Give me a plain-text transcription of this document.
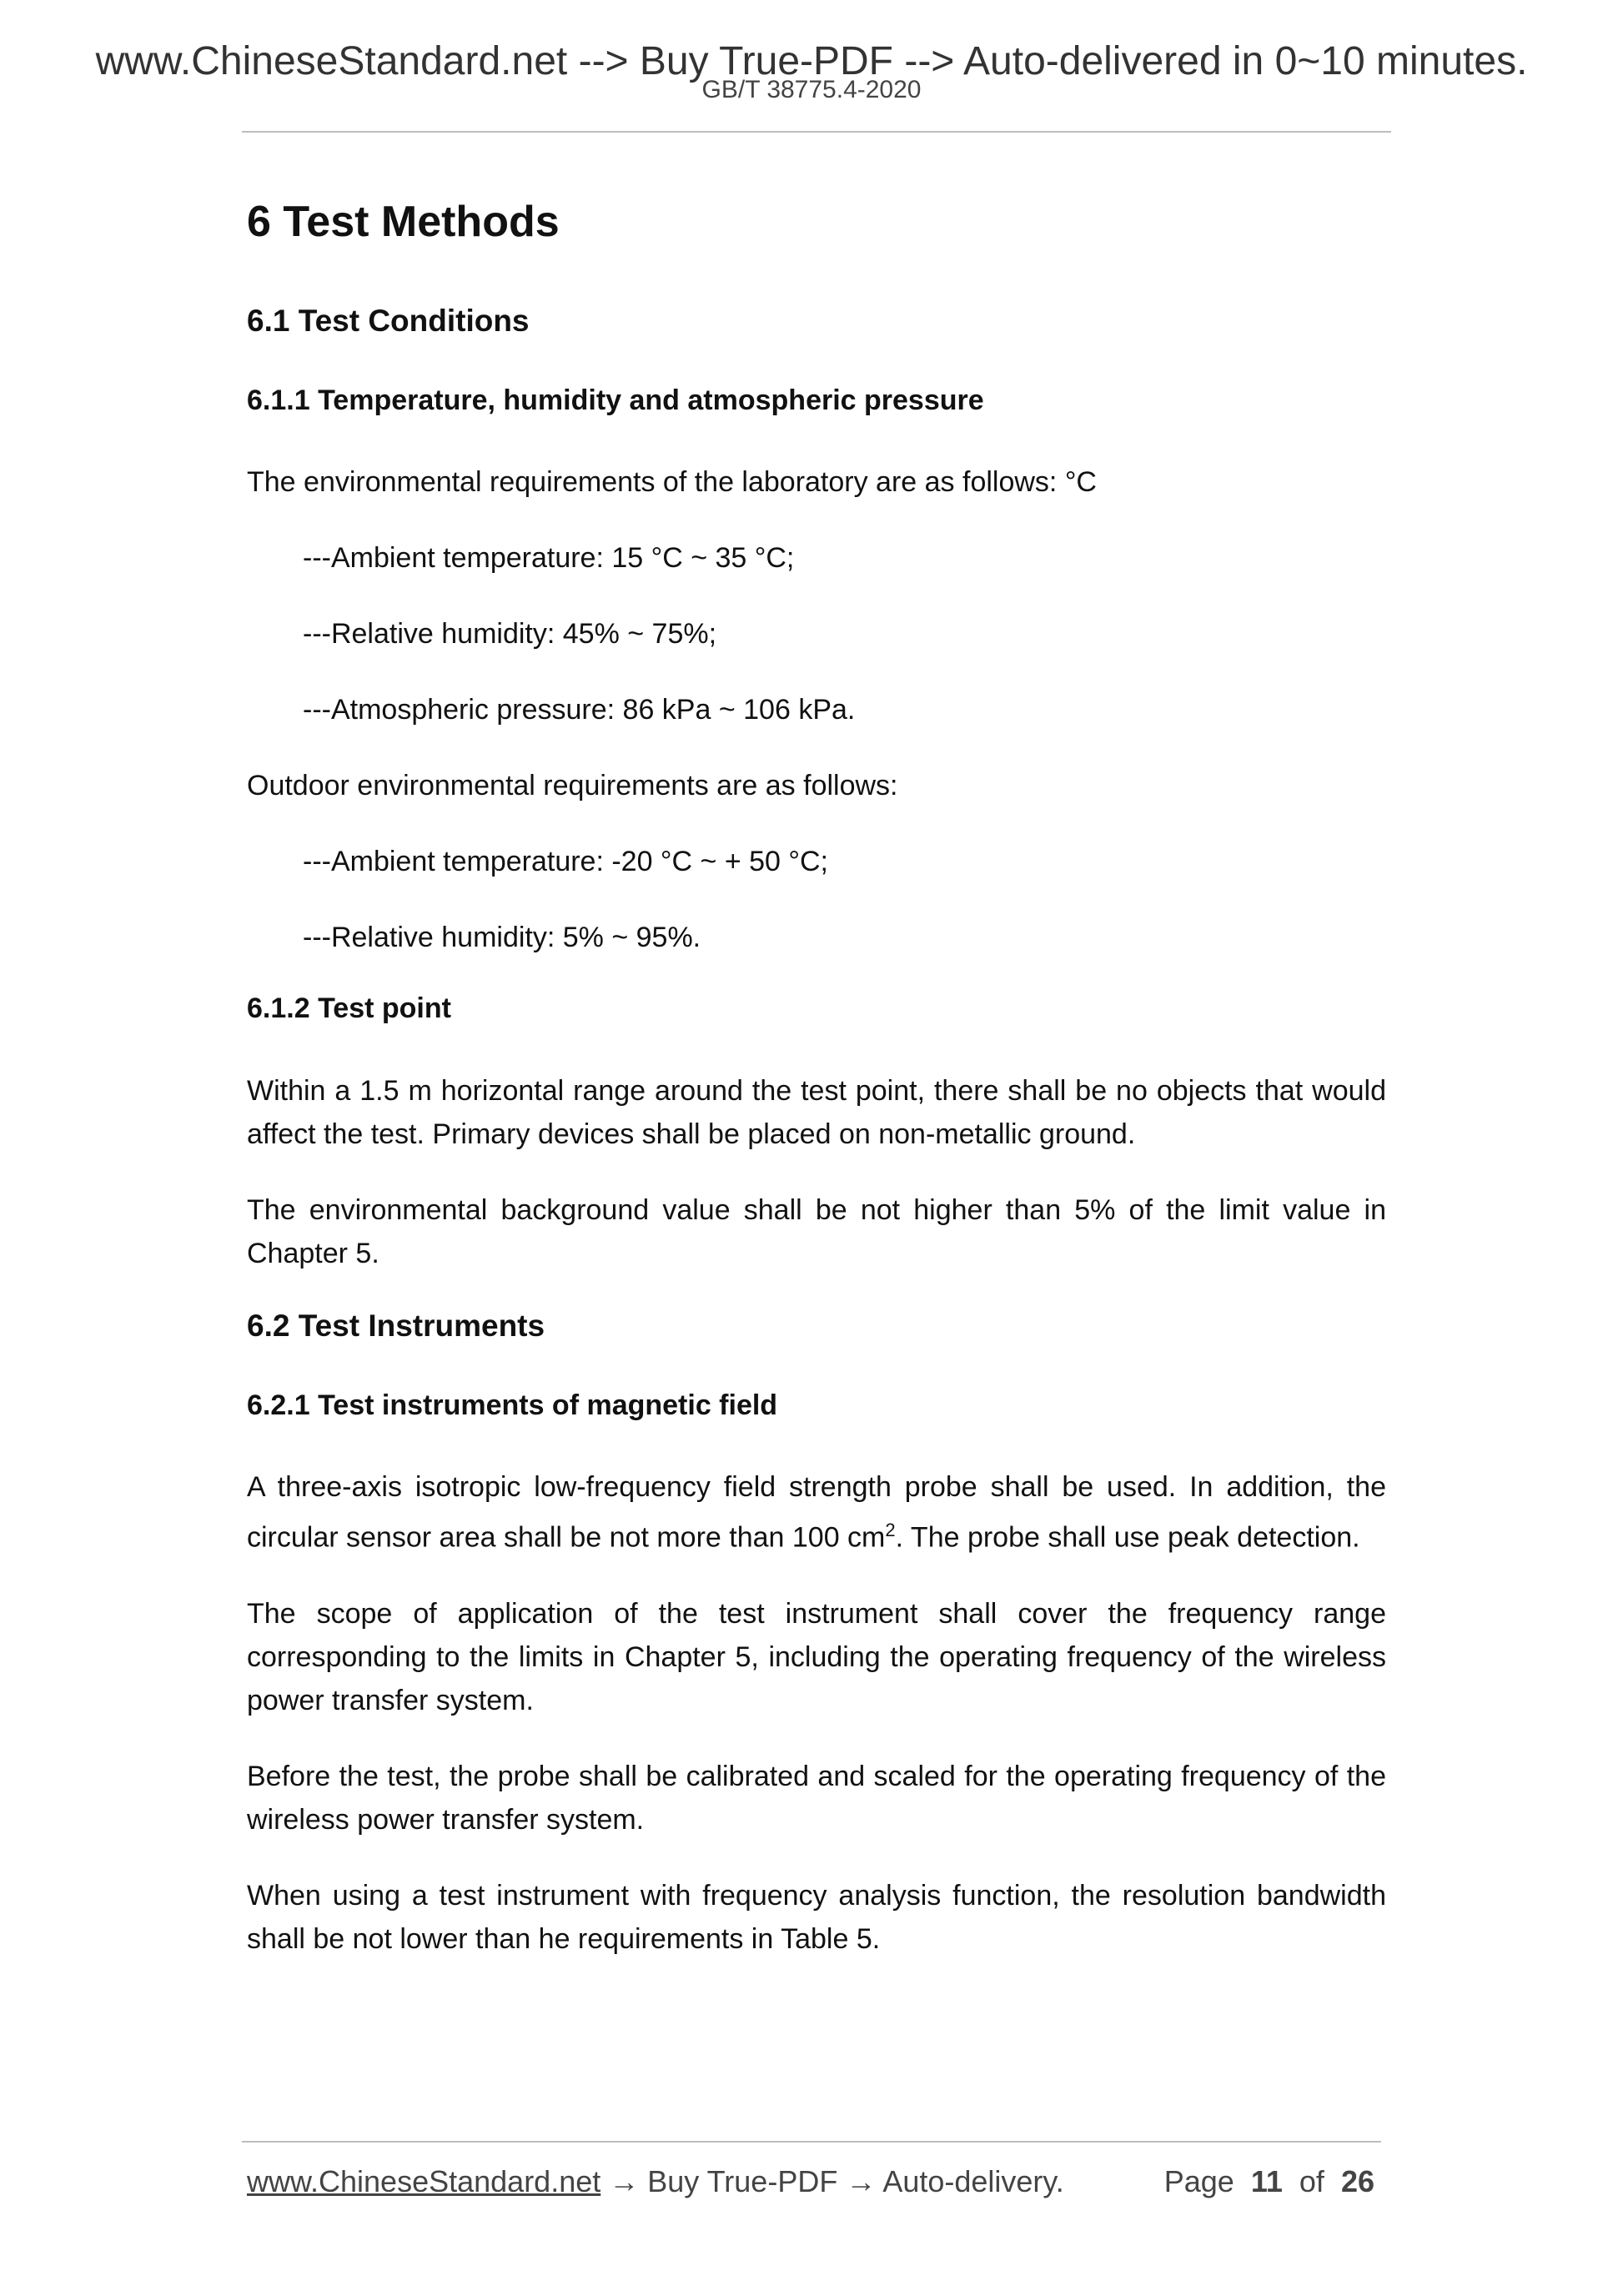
www.ChineseStandard.net --> Buy True-PDF --> Auto-delivered in 0~10 minutes.
GB/T 38775.4-2020
6 Test Methods
6.1 Test Conditions
6.1.1 Temperature, humidity and atmospheric pressure

The environmental requirements of the laboratory are as follows: °C

---Ambient temperature: 15 °C ~ 35 °C;

---Relative humidity: 45% ~ 75%;

---Atmospheric pressure: 86 kPa ~ 106 kPa.

Outdoor environmental requirements are as follows:

---Ambient temperature: -20 °C ~ + 50 °C;

---Relative humidity: 5% ~ 95%.

6.1.2 Test point

Within a 1.5 m horizontal range around the test point, there shall be no objects that would affect the test. Primary devices shall be placed on non-metallic ground.

The environmental background value shall be not higher than 5% of the limit value in Chapter 5.

6.2 Test Instruments
6.2.1 Test instruments of magnetic field

A three-axis isotropic low-frequency field strength probe shall be used. In addition, the circular sensor area shall be not more than 100 $cm^2$. The probe shall use peak detection.

The scope of application of the test instrument shall cover the frequency range corresponding to the limits in Chapter 5, including the operating frequency of the wireless power transfer system.

Before the test, the probe shall be calibrated and scaled for the operating frequency of the wireless power transfer system.

When using a test instrument with frequency analysis function, the resolution bandwidth shall be not lower than he requirements in Table 5.

www.ChineseStandard.net → Buy True-PDF → Auto-delivery.	Page 11 of 26
